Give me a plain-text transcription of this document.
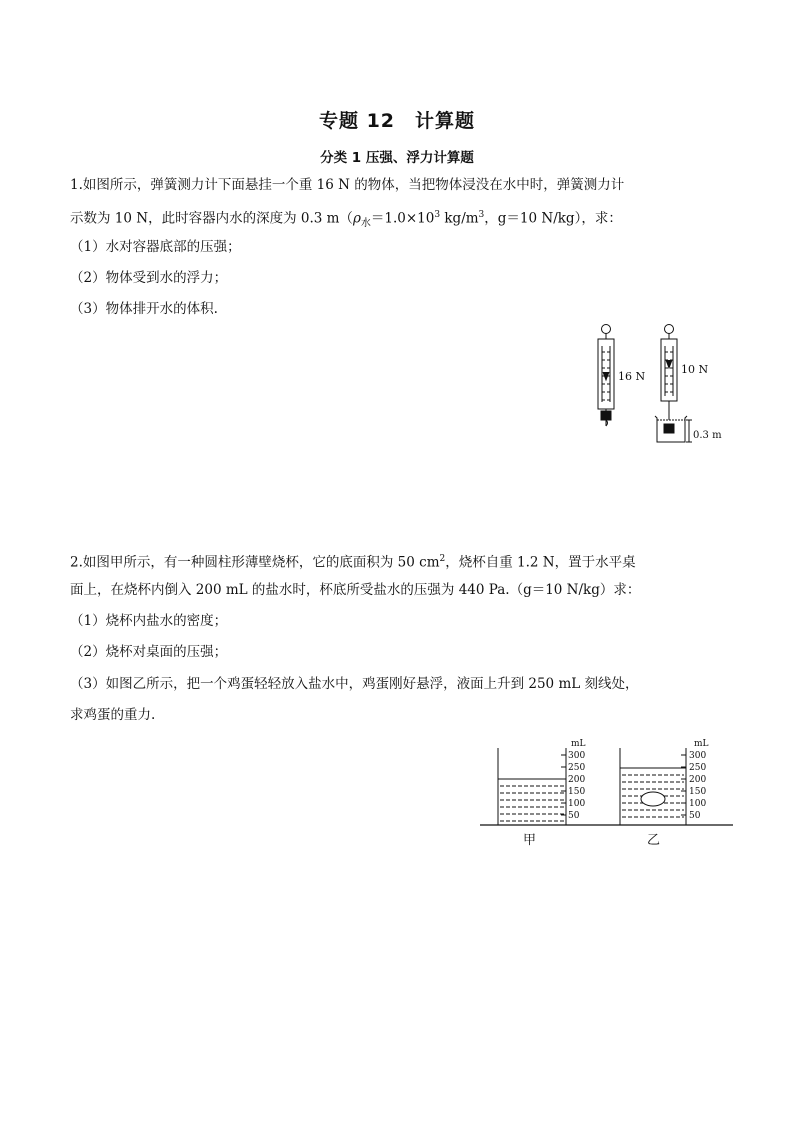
专题 12　计算题
分类 1 压强、浮力计算题
1.如图所示，弹簧测力计下面悬挂一个重 16 N 的物体，当把物体浸没在水中时，弹簧测力计
示数为 10 N，此时容器内水的深度为 0.3 $m(\rho_水=1.0\times 10^3$ $kg/m^3$，g＝10 N/kg），求：
（1）水对容器底部的压强；
（2）物体受到水的浮力；
（3）物体排开水的体积.
16 N
10 N
0.3 m
2.如图甲所示，有一种圆柱形薄壁烧杯，它的底面积为 50 $cm^2$，烧杯自重 1.2 N，置于水平桌
面上，在烧杯内倒入 200 mL 的盐水时，杯底所受盐水的压强为 440 Pa.（g＝10 N/kg）求：
（1）烧杯内盐水的密度；
（2）烧杯对桌面的压强；
（3）如图乙所示，把一个鸡蛋轻轻放入盐水中，鸡蛋刚好悬浮，液面上升到 250 mL 刻线处，
求鸡蛋的重力.
mL
300
250
200
150
100
50
mL
300
250
200
150
100
50
甲	乙
